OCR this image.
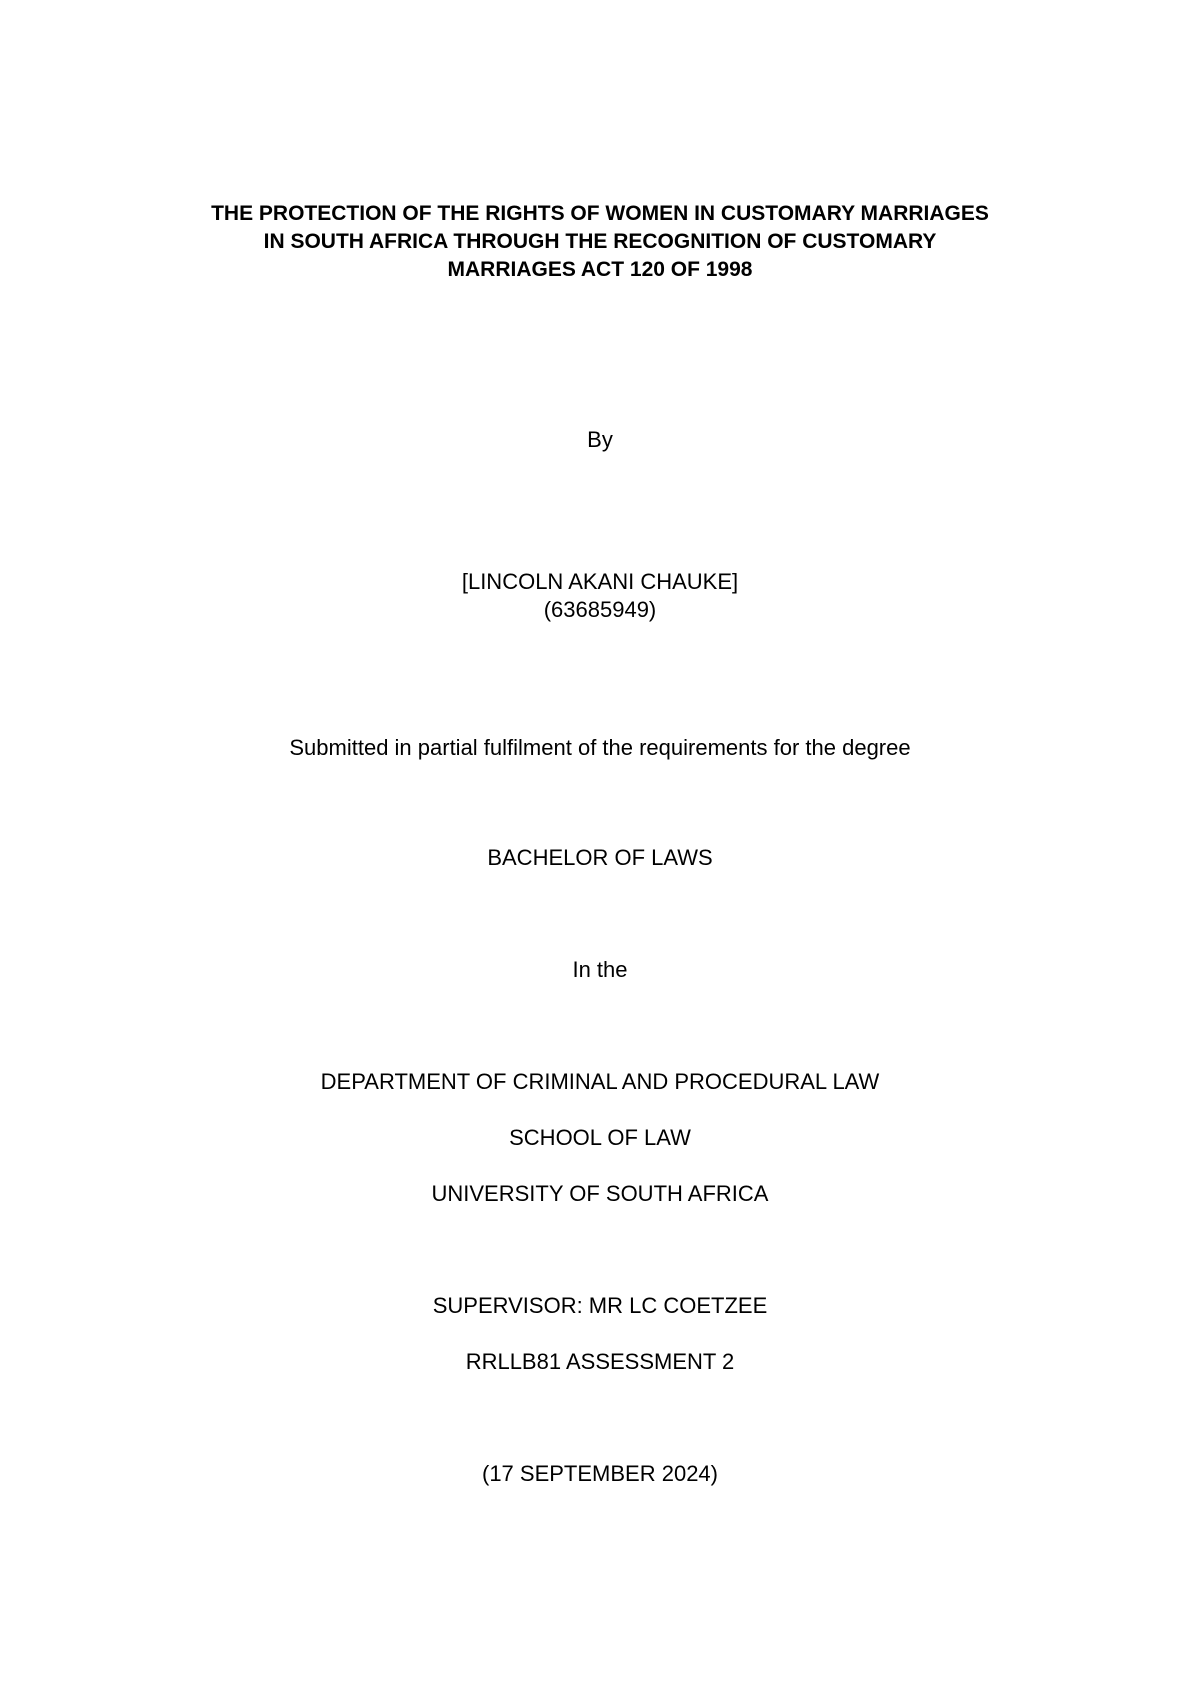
THE PROTECTION OF THE RIGHTS OF WOMEN IN CUSTOMARY MARRIAGES
IN SOUTH AFRICA THROUGH THE RECOGNITION OF CUSTOMARY
MARRIAGES ACT 120 OF 1998
By
[LINCOLN AKANI CHAUKE]
(63685949)
Submitted in partial fulfilment of the requirements for the degree
BACHELOR OF LAWS
In the
DEPARTMENT OF CRIMINAL AND PROCEDURAL LAW
SCHOOL OF LAW
UNIVERSITY OF SOUTH AFRICA
SUPERVISOR: MR LC COETZEE
RRLLB81 ASSESSMENT 2
(17 SEPTEMBER 2024)
